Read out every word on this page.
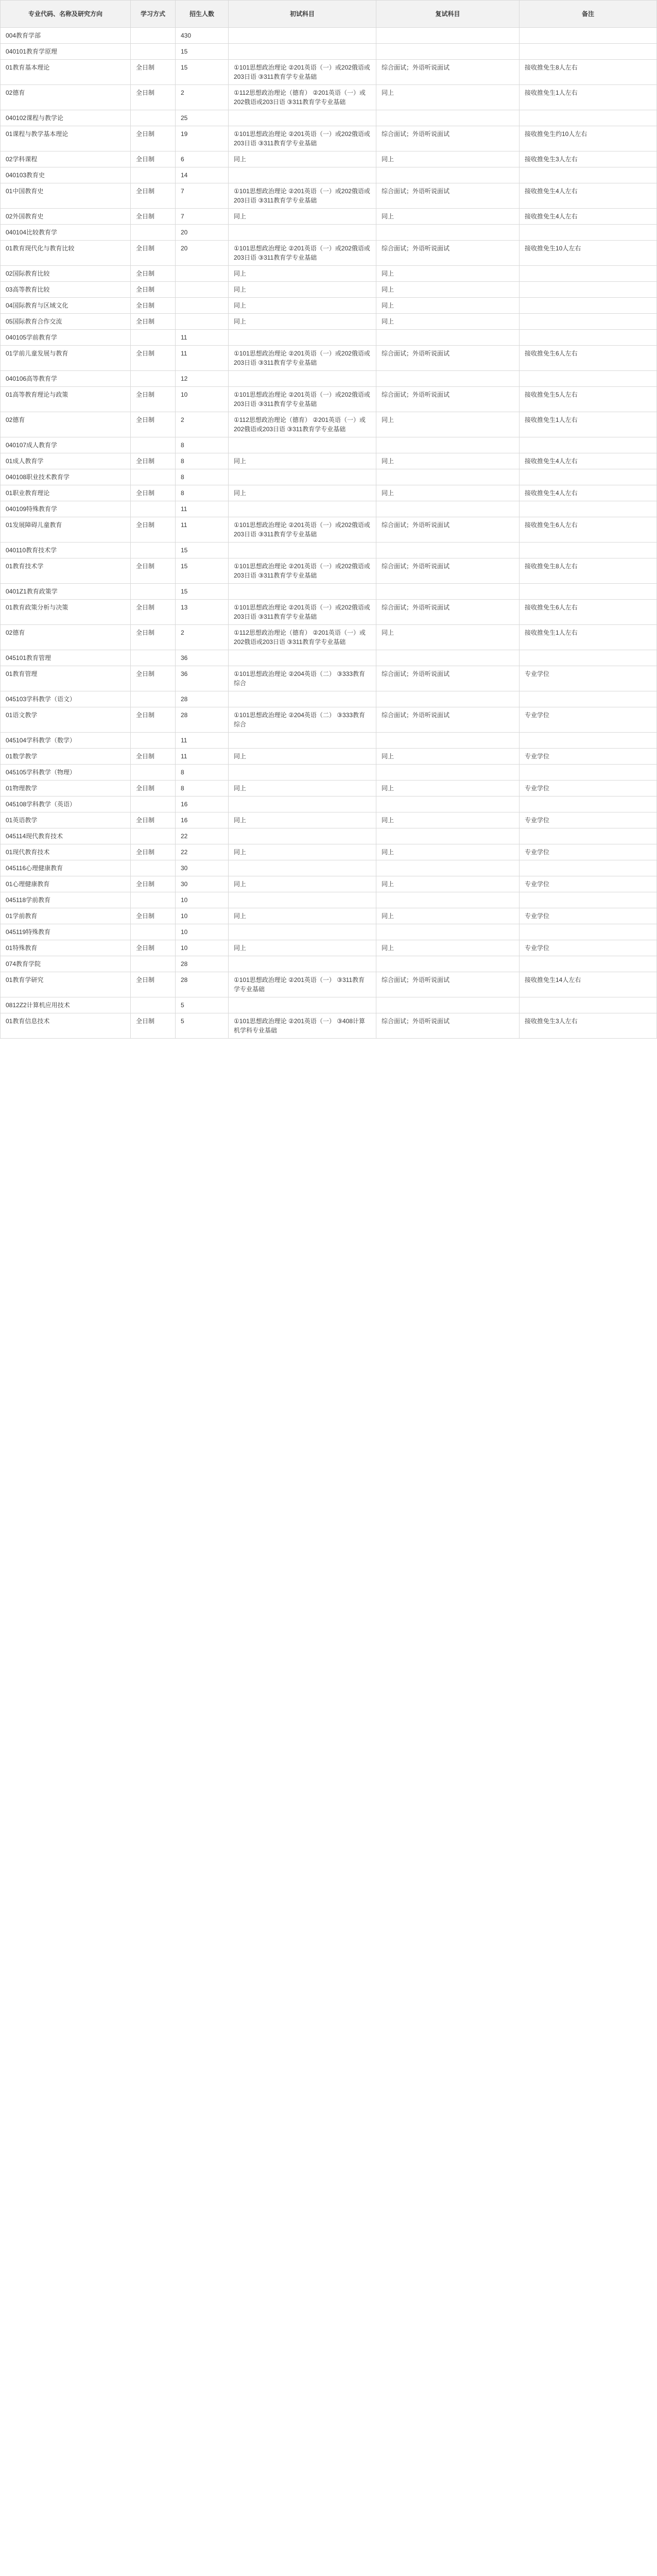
专业代码、名称及研究方向	学习方式	招生人数	初试科目	复试科目	备注
004教育学部		430			
040101教育学原理		15			
01教育基本理论	全日制	15	①101思想政治理论 ②201英语（一）或202俄语或203日语 ③311教育学专业基础	综合面试；外语听说面试	接收推免生8人左右
02德育	全日制	2	①112思想政治理论（德育） ②201英语（一）或202俄语或203日语 ③311教育学专业基础	同上	接收推免生1人左右
040102课程与教学论		25			
01课程与教学基本理论	全日制	19	①101思想政治理论 ②201英语（一）或202俄语或203日语 ③311教育学专业基础	综合面试；外语听说面试	接收推免生约10人左右
02学科课程	全日制	6	同上	同上	接收推免生3人左右
040103教育史		14			
01中国教育史	全日制	7	①101思想政治理论 ②201英语（一）或202俄语或203日语 ③311教育学专业基础	综合面试；外语听说面试	接收推免生4人左右
02外国教育史	全日制	7	同上	同上	接收推免生4人左右
040104比较教育学		20			
01教育现代化与教育比较	全日制	20	①101思想政治理论 ②201英语（一）或202俄语或203日语 ③311教育学专业基础	综合面试；外语听说面试	接收推免生10人左右
02国际教育比较	全日制		同上	同上	
03高等教育比较	全日制		同上	同上	
04国际教育与区域文化	全日制		同上	同上	
05国际教育合作交流	全日制		同上	同上	
040105学前教育学		11			
01学前儿童发展与教育	全日制	11	①101思想政治理论 ②201英语（一）或202俄语或203日语 ③311教育学专业基础	综合面试；外语听说面试	接收推免生6人左右
040106高等教育学		12			
01高等教育理论与政策	全日制	10	①101思想政治理论 ②201英语（一）或202俄语或203日语 ③311教育学专业基础	综合面试；外语听说面试	接收推免生5人左右
02德育	全日制	2	①112思想政治理论（德育） ②201英语（一）或202俄语或203日语 ③311教育学专业基础	同上	接收推免生1人左右
040107成人教育学		8			
01成人教育学	全日制	8	同上	同上	接收推免生4人左右
040108职业技术教育学		8			
01职业教育理论	全日制	8	同上	同上	接收推免生4人左右
040109特殊教育学		11			
01发展障碍儿童教育	全日制	11	①101思想政治理论 ②201英语（一）或202俄语或203日语 ③311教育学专业基础	综合面试；外语听说面试	接收推免生6人左右
040110教育技术学		15			
01教育技术学	全日制	15	①101思想政治理论 ②201英语（一）或202俄语或203日语 ③311教育学专业基础	综合面试；外语听说面试	接收推免生8人左右
0401Z1教育政策学		15			
01教育政策分析与决策	全日制	13	①101思想政治理论 ②201英语（一）或202俄语或203日语 ③311教育学专业基础	综合面试；外语听说面试	接收推免生6人左右
02德育	全日制	2	①112思想政治理论（德育） ②201英语（一）或202俄语或203日语 ③311教育学专业基础	同上	接收推免生1人左右
045101教育管理		36			
01教育管理	全日制	36	①101思想政治理论 ②204英语（二） ③333教育综合	综合面试；外语听说面试	专业学位
045103学科教学（语文）		28			
01语文教学	全日制	28	①101思想政治理论 ②204英语（二） ③333教育综合	综合面试；外语听说面试	专业学位
045104学科教学（数学）		11			
01数学教学	全日制	11	同上	同上	专业学位
045105学科教学（物理）		8			
01物理教学	全日制	8	同上	同上	专业学位
045108学科教学（英语）		16			
01英语教学	全日制	16	同上	同上	专业学位
045114现代教育技术		22			
01现代教育技术	全日制	22	同上	同上	专业学位
045116心理健康教育		30			
01心理健康教育	全日制	30	同上	同上	专业学位
045118学前教育		10			
01学前教育	全日制	10	同上	同上	专业学位
045119特殊教育		10			
01特殊教育	全日制	10	同上	同上	专业学位
074教育学院		28			
01教育学研究	全日制	28	①101思想政治理论 ②201英语（一） ③311教育学专业基础	综合面试；外语听说面试	接收推免生14人左右
0812Z2计算机应用技术		5			
01教育信息技术	全日制	5	①101思想政治理论 ②201英语（一） ③408计算机学科专业基础	综合面试；外语听说面试	接收推免生3人左右
